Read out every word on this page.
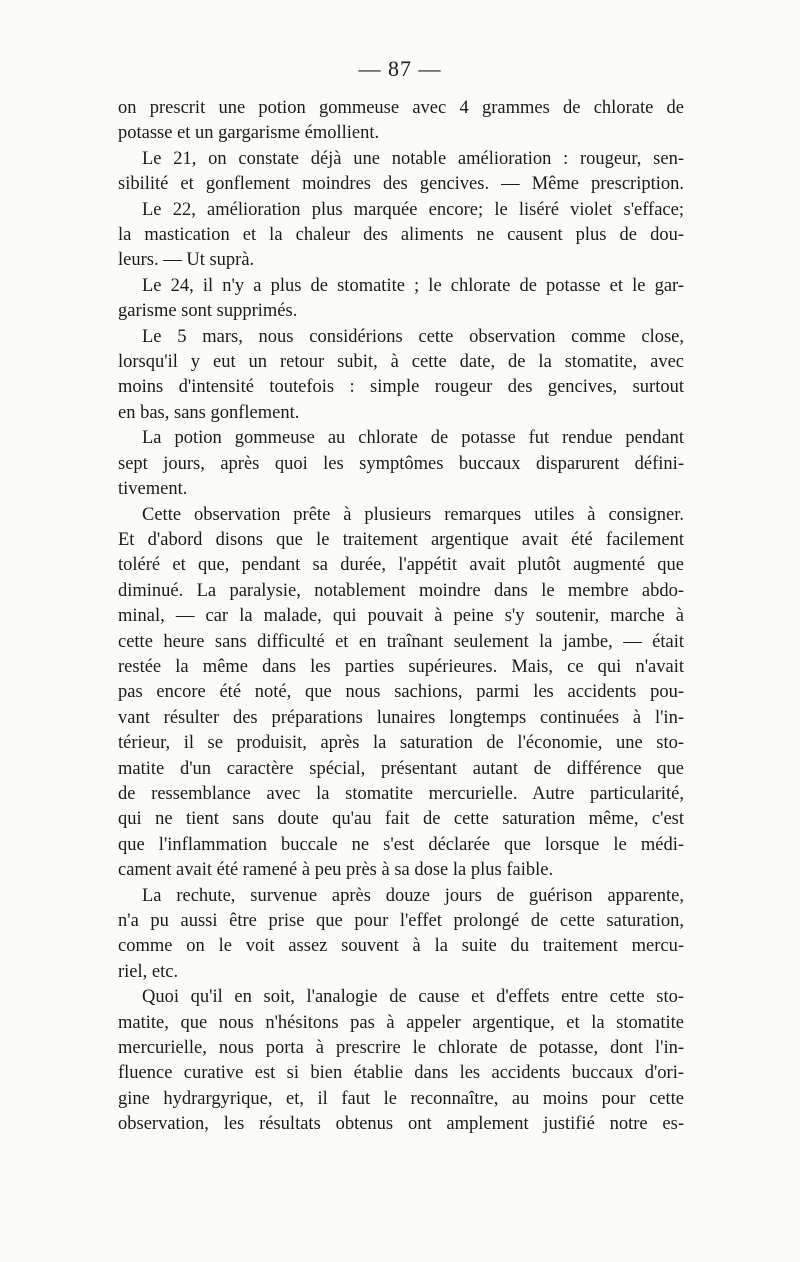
— 87 —
on prescrit une potion gommeuse avec 4 grammes de chlorate de
potasse et un gargarisme émollient.
Le 21, on constate déjà une notable amélioration : rougeur, sen-
sibilité et gonflement moindres des gencives. — Même prescription.
Le 22, amélioration plus marquée encore; le liséré violet s'efface;
la mastication et la chaleur des aliments ne causent plus de dou-
leurs. — Ut suprà.
Le 24, il n'y a plus de stomatite ; le chlorate de potasse et le gar-
garisme sont supprimés.
Le 5 mars, nous considérions cette observation comme close,
lorsqu'il y eut un retour subit, à cette date, de la stomatite, avec
moins d'intensité toutefois : simple rougeur des gencives, surtout
en bas, sans gonflement.
La potion gommeuse au chlorate de potasse fut rendue pendant
sept jours, après quoi les symptômes buccaux disparurent défini-
tivement.
Cette observation prête à plusieurs remarques utiles à consigner.
Et d'abord disons que le traitement argentique avait été facilement
toléré et que, pendant sa durée, l'appétit avait plutôt augmenté que
diminué. La paralysie, notablement moindre dans le membre abdo-
minal, — car la malade, qui pouvait à peine s'y soutenir, marche à
cette heure sans difficulté et en traînant seulement la jambe, — était
restée la même dans les parties supérieures. Mais, ce qui n'avait
pas encore été noté, que nous sachions, parmi les accidents pou-
vant résulter des préparations lunaires longtemps continuées à l'in-
térieur, il se produisit, après la saturation de l'économie, une sto-
matite d'un caractère spécial, présentant autant de différence que
de ressemblance avec la stomatite mercurielle. Autre particularité,
qui ne tient sans doute qu'au fait de cette saturation même, c'est
que l'inflammation buccale ne s'est déclarée que lorsque le médi-
cament avait été ramené à peu près à sa dose la plus faible.
La rechute, survenue après douze jours de guérison apparente,
n'a pu aussi être prise que pour l'effet prolongé de cette saturation,
comme on le voit assez souvent à la suite du traitement mercu-
riel, etc.
Quoi qu'il en soit, l'analogie de cause et d'effets entre cette sto-
matite, que nous n'hésitons pas à appeler argentique, et la stomatite
mercurielle, nous porta à prescrire le chlorate de potasse, dont l'in-
fluence curative est si bien établie dans les accidents buccaux d'ori-
gine hydrargyrique, et, il faut le reconnaître, au moins pour cette
observation, les résultats obtenus ont amplement justifié notre es-
